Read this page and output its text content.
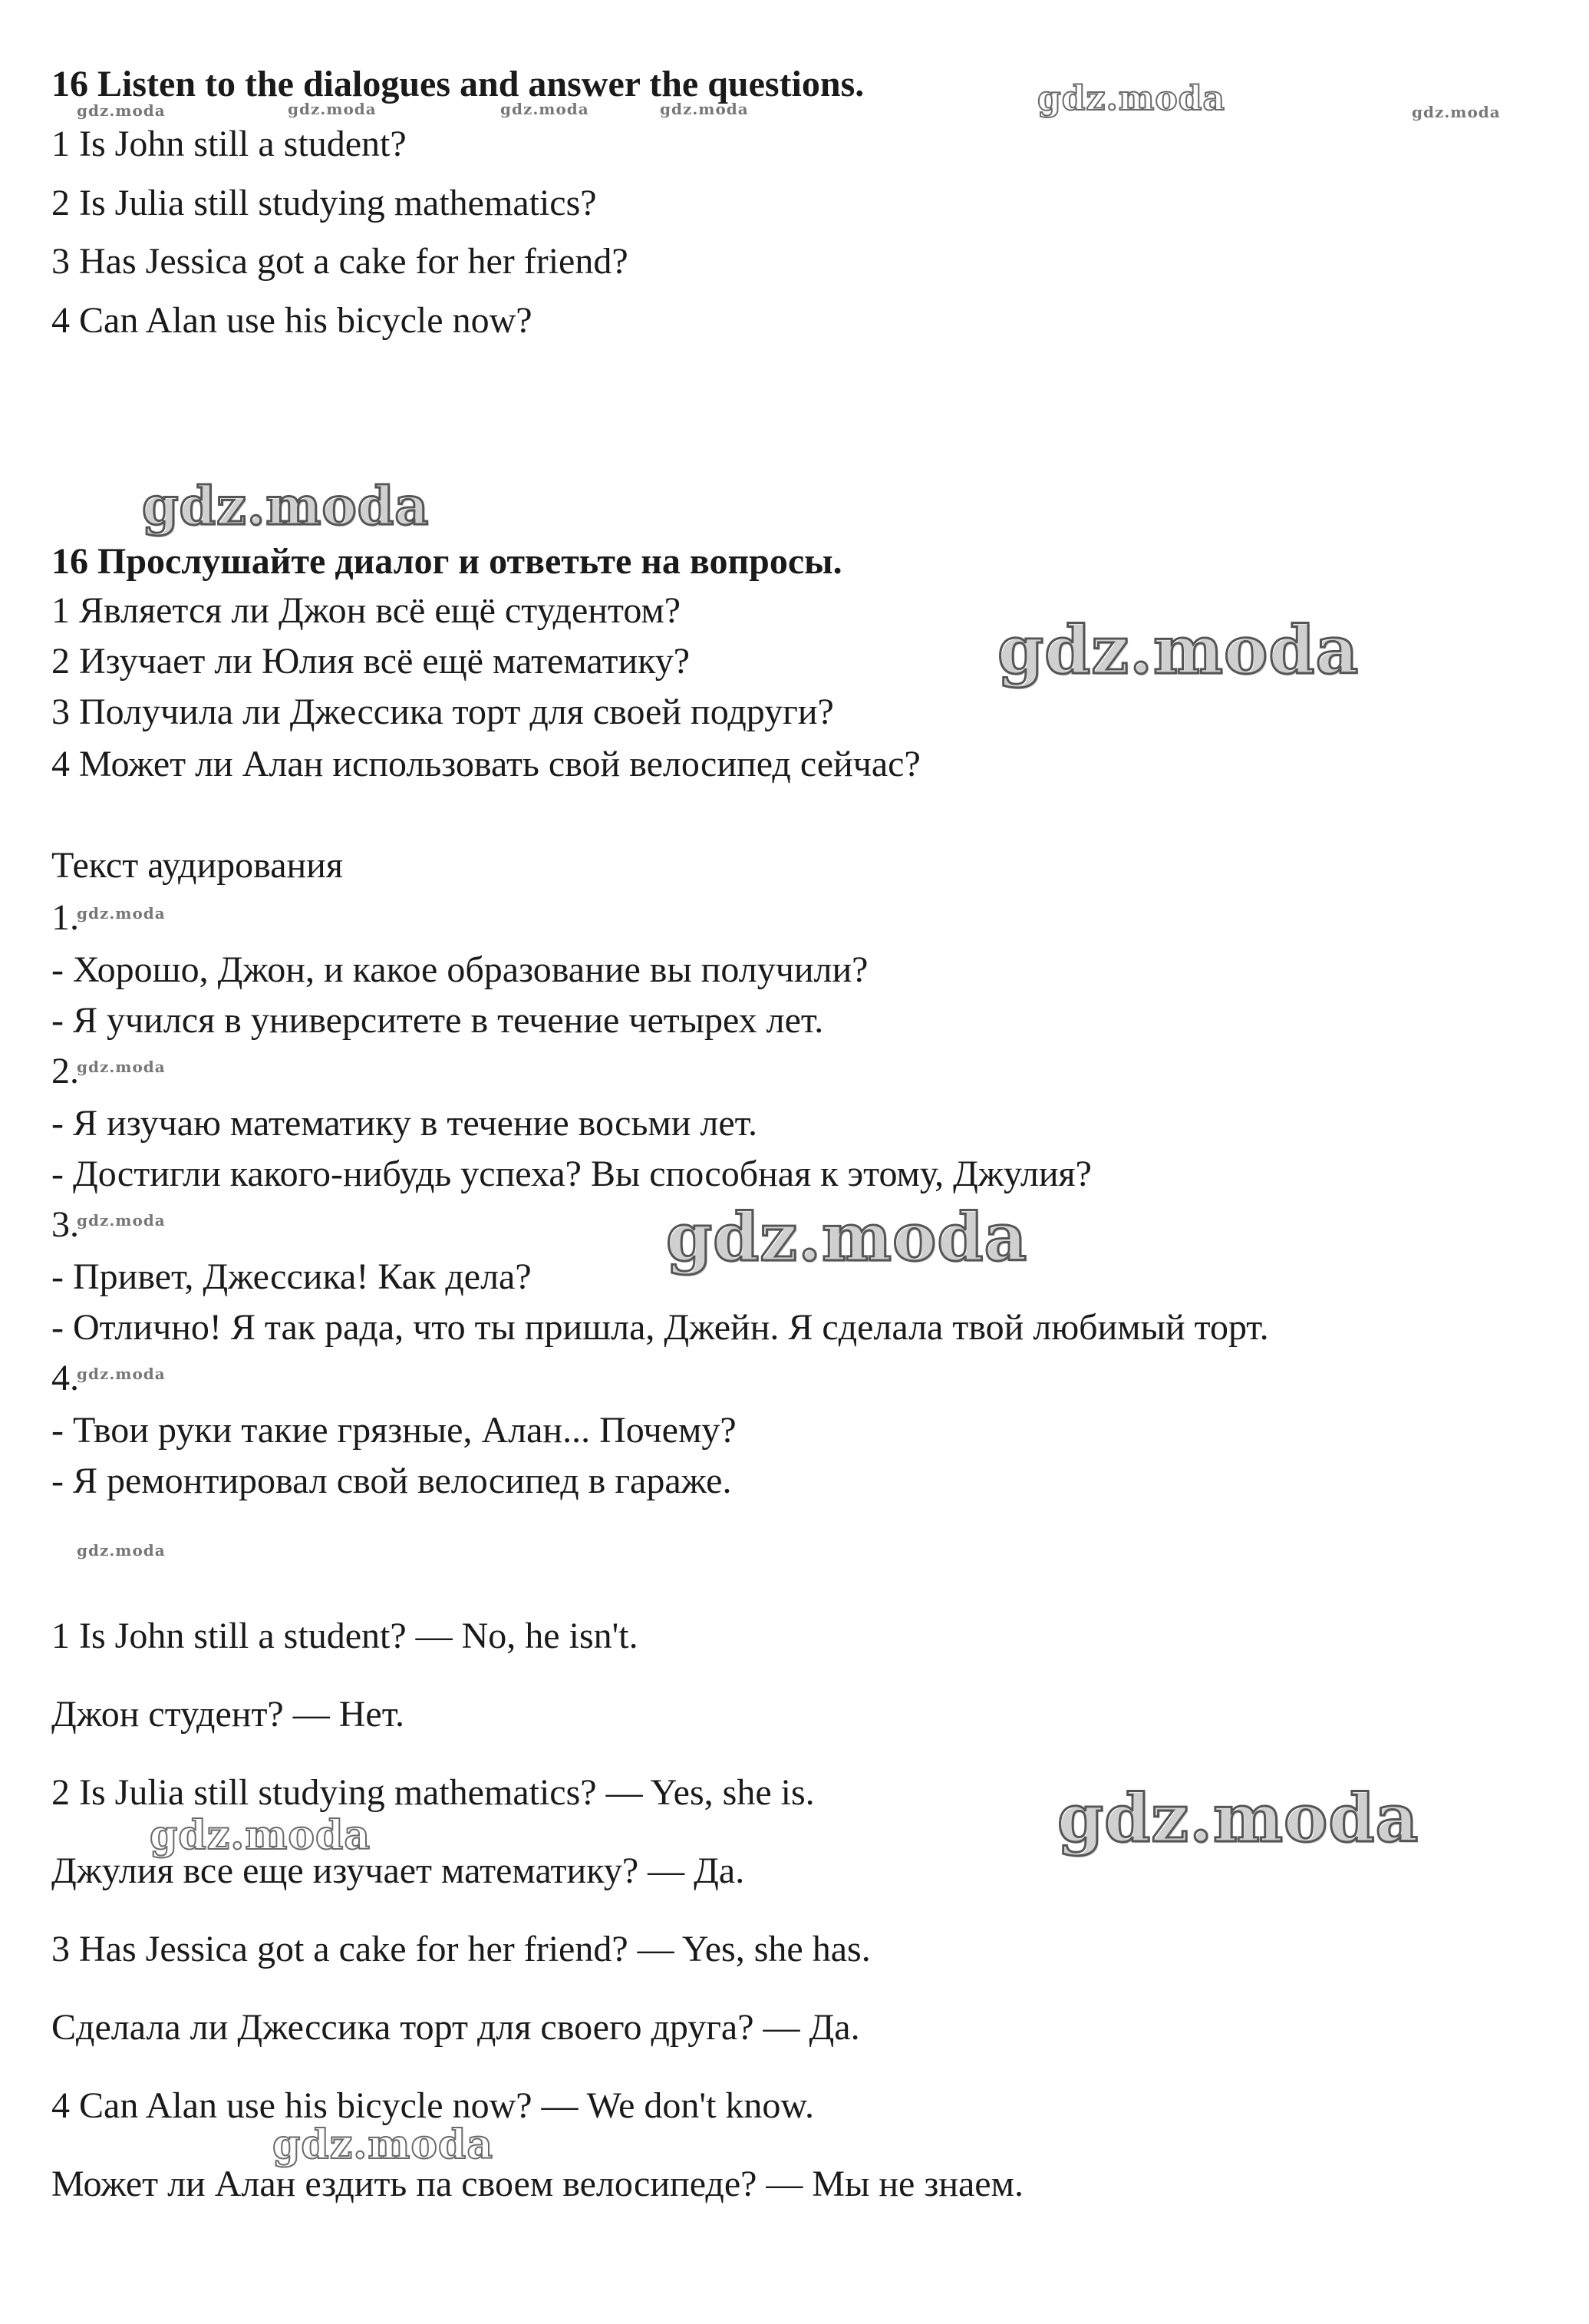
gdz.moda	gdz.moda	gdz.moda	gdz.moda	gdz.moda
gdz.moda
gdz.moda
gdz.moda
gdz.moda
gdz.moda
gdz.moda	gdz.moda
gdz.moda
gdz.moda
gdz.moda	gdz.moda
gdz.moda
16 Listen to the dialogues and answer the questions.
1 Is John still a student?
2 Is Julia still studying mathematics?
3 Has Jessica got a cake for her friend?
4 Can Alan use his bicycle now?
16 Прослушайте диалог и ответьте на вопросы.
1 Является ли Джон всё ещё студентом?
2 Изучает ли Юлия всё ещё математику?
3 Получила ли Джессика торт для своей подруги?
4 Может ли Алан использовать свой велосипед сейчас?
Текст аудирования
1.
- Хорошо, Джон, и какое образование вы получили?
- Я учился в университете в течение четырех лет.
2.
- Я изучаю математику в течение восьми лет.
- Достигли какого-нибудь успеха? Вы способная к этому, Джулия?
3.
- Привет, Джессика! Как дела?
- Отлично! Я так рада, что ты пришла, Джейн. Я сделала твой любимый торт.
4.
- Твои руки такие грязные, Алан... Почему?
- Я ремонтировал свой велосипед в гараже.
1 Is John still a student? — No, he isn't.
Джон студент? — Нет.
2 Is Julia still studying mathematics? — Yes, she is.
Джулия все еще изучает математику? — Да.
3 Has Jessica got a cake for her friend? — Yes, she has.
Сделала ли Джессика торт для своего друга? — Да.
4 Can Alan use his bicycle now? — We don't know.
Может ли Алан ездить па своем велосипеде? — Мы не знаем.
